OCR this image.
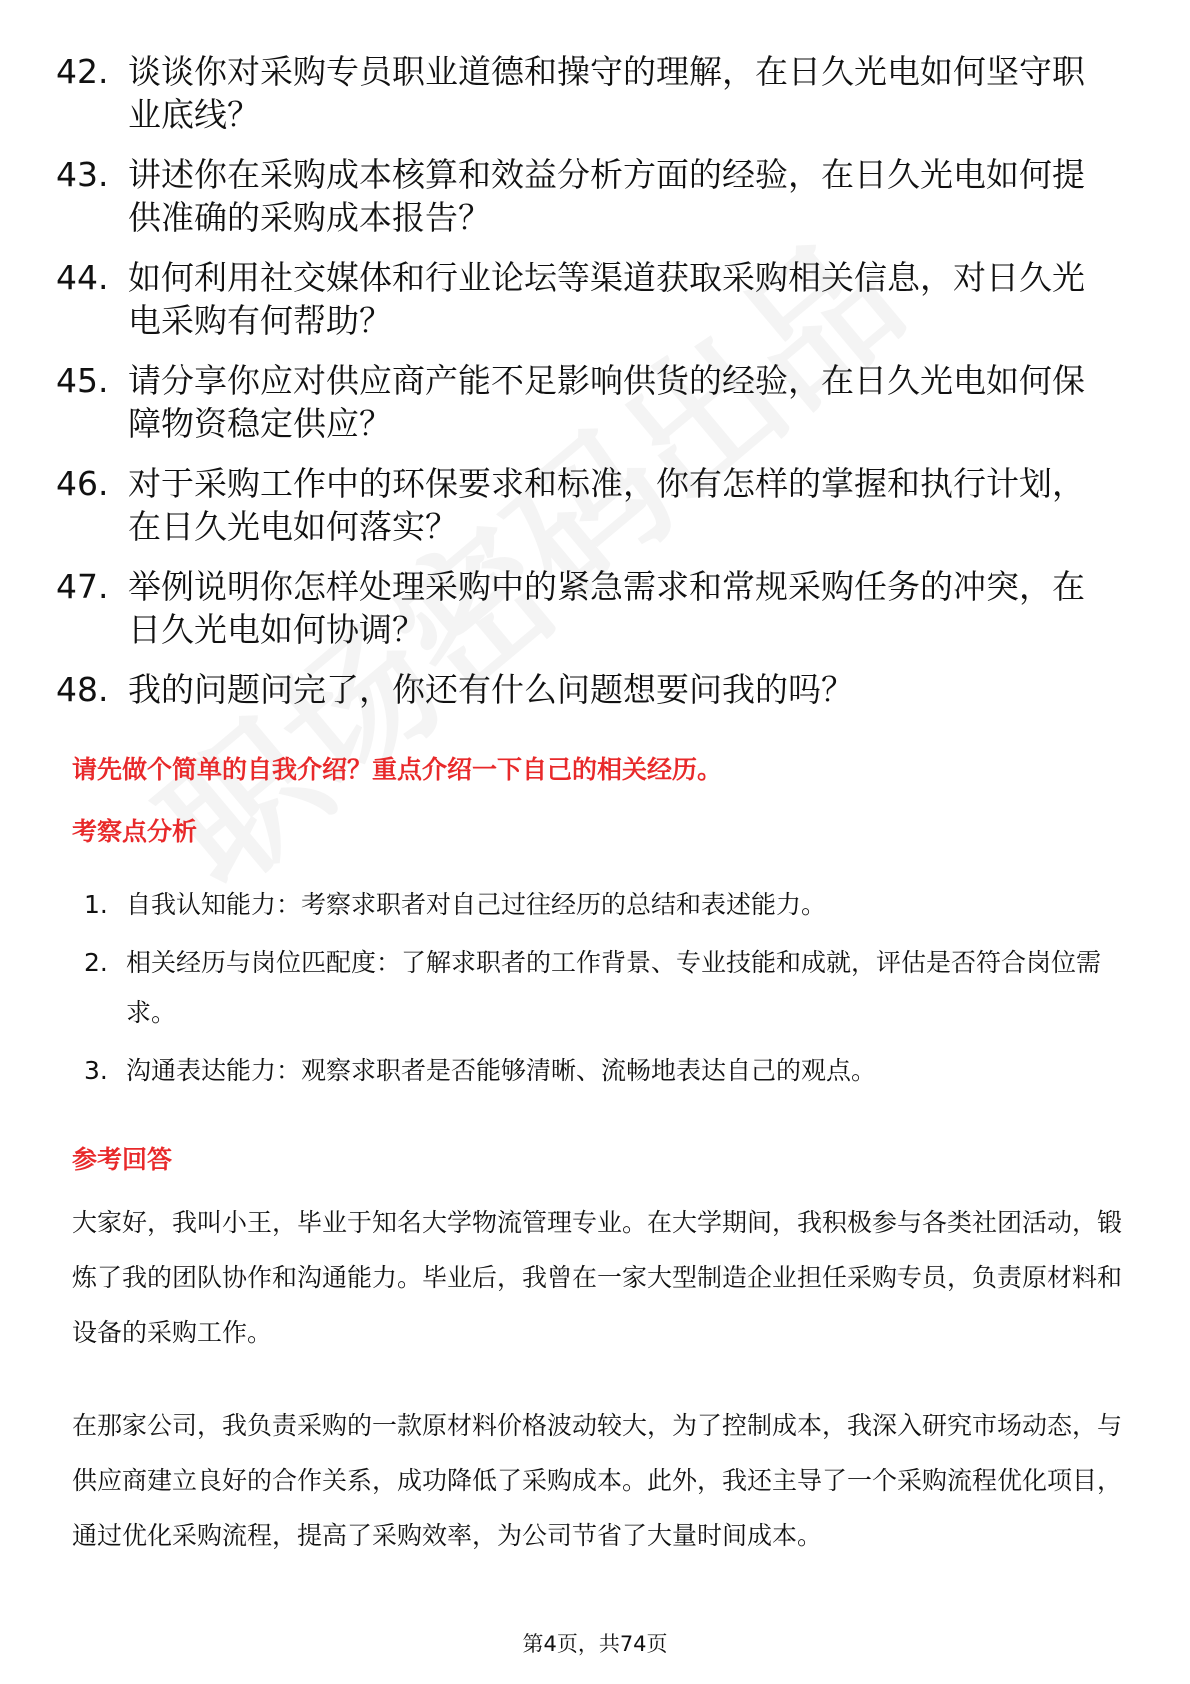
42. 谈谈你对采购专员职业道德和操守的理解，在日久光电如何坚守职业底线？
43. 讲述你在采购成本核算和效益分析方面的经验，在日久光电如何提供准确的采购成本报告？
44. 如何利用社交媒体和行业论坛等渠道获取采购相关信息，对日久光电采购有何帮助？
45. 请分享你应对供应商产能不足影响供货的经验，在日久光电如何保障物资稳定供应？
46. 对于采购工作中的环保要求和标准，你有怎样的掌握和执行计划，在日久光电如何落实？
47. 举例说明你怎样处理采购中的紧急需求和常规采购任务的冲突，在日久光电如何协调？
48. 我的问题问完了，你还有什么问题想要问我的吗？
请先做个简单的自我介绍？重点介绍一下自己的相关经历。
考察点分析
1. 自我认知能力：考察求职者对自己过往经历的总结和表述能力。
2. 相关经历与岗位匹配度：了解求职者的工作背景、专业技能和成就，评估是否符合岗位需求。
3. 沟通表达能力：观察求职者是否能够清晰、流畅地表达自己的观点。
参考回答
大家好，我叫小王，毕业于知名大学物流管理专业。在大学期间，我积极参与各类社团活动，锻炼了我的团队协作和沟通能力。毕业后，我曾在一家大型制造企业担任采购专员，负责原材料和设备的采购工作。
在那家公司，我负责采购的一款原材料价格波动较大，为了控制成本，我深入研究市场动态，与供应商建立良好的合作关系，成功降低了采购成本。此外，我还主导了一个采购流程优化项目，通过优化采购流程，提高了采购效率，为公司节省了大量时间成本。
第4页，共74页
